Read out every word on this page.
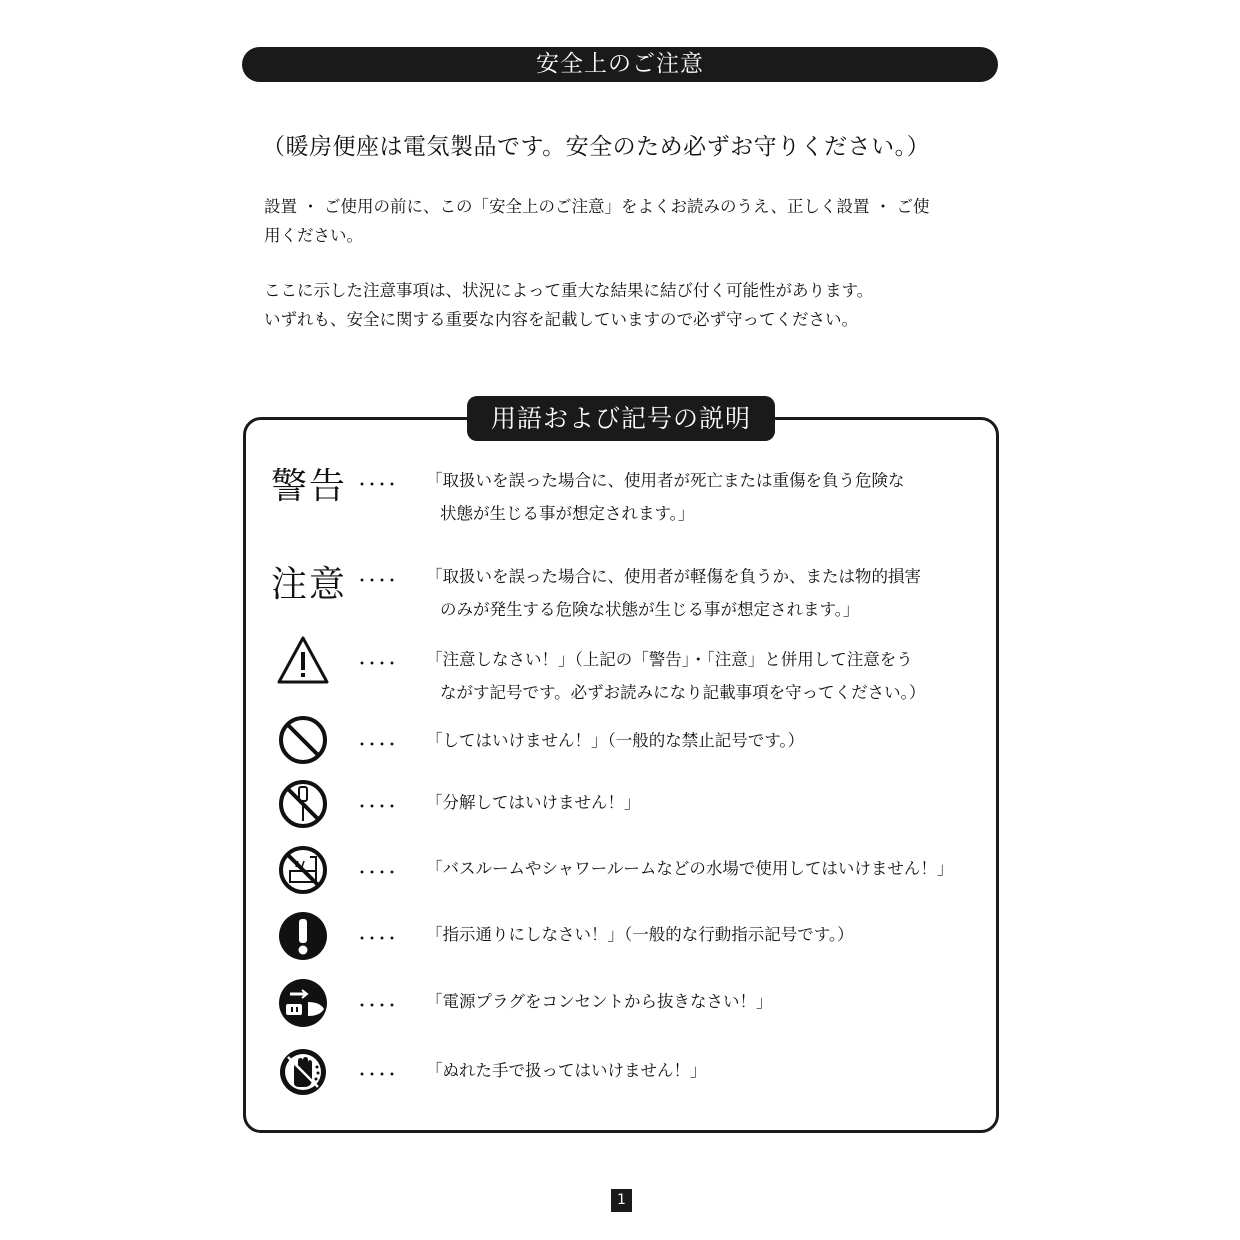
安全上のご注意
（暖房便座は電気製品です。安全のため必ずお守りください。）
設置 ・ ご使用の前に、この「安全上のご注意」をよくお読みのうえ、正しく設置 ・ ご使
用ください。
ここに示した注意事項は、状況によって重大な結果に結び付く可能性があります。
いずれも、安全に関する重要な内容を記載していますので必ず守ってください。
用語および記号の説明
警告 ････ 「取扱いを誤った場合に、使用者が死亡または重傷を負う危険な
状態が生じる事が想定されます。」
注意 ････ 「取扱いを誤った場合に、使用者が軽傷を負うか、または物的損害
のみが発生する危険な状態が生じる事が想定されます。」
････ 「注意しなさい！」（上記の「警告」・「注意」と併用して注意をう
ながす記号です。必ずお読みになり記載事項を守ってください。）
････ 「してはいけません！」（一般的な禁止記号です。）
････ 「分解してはいけません！」
････ 「バスルームやシャワールームなどの水場で使用してはいけません！」
････ 「指示通りにしなさい！」（一般的な行動指示記号です。）
････ 「電源プラグをコンセントから抜きなさい！」
････ 「ぬれた手で扱ってはいけません！」
1
